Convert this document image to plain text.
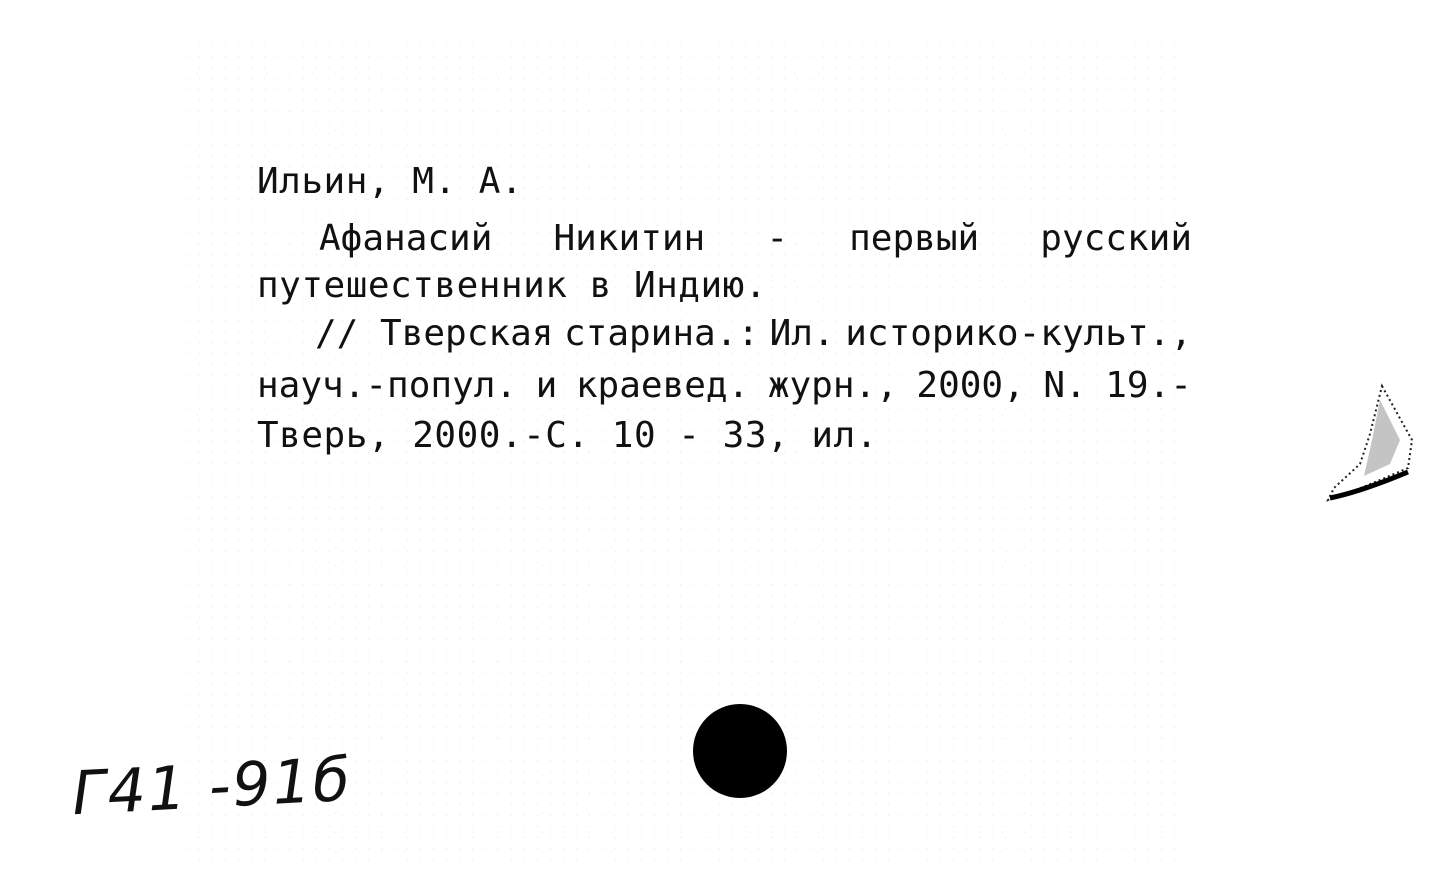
Ильин, М. А.
Афанасий Никитин - первый русский
путешественник в Индию.
// Тверская старина.: Ил. историко-культ.,
науч.-попул. и краевед. журн., 2000, N. 19.-
Тверь, 2000.-С. 10 - 33, ил.
Г41 -91б
